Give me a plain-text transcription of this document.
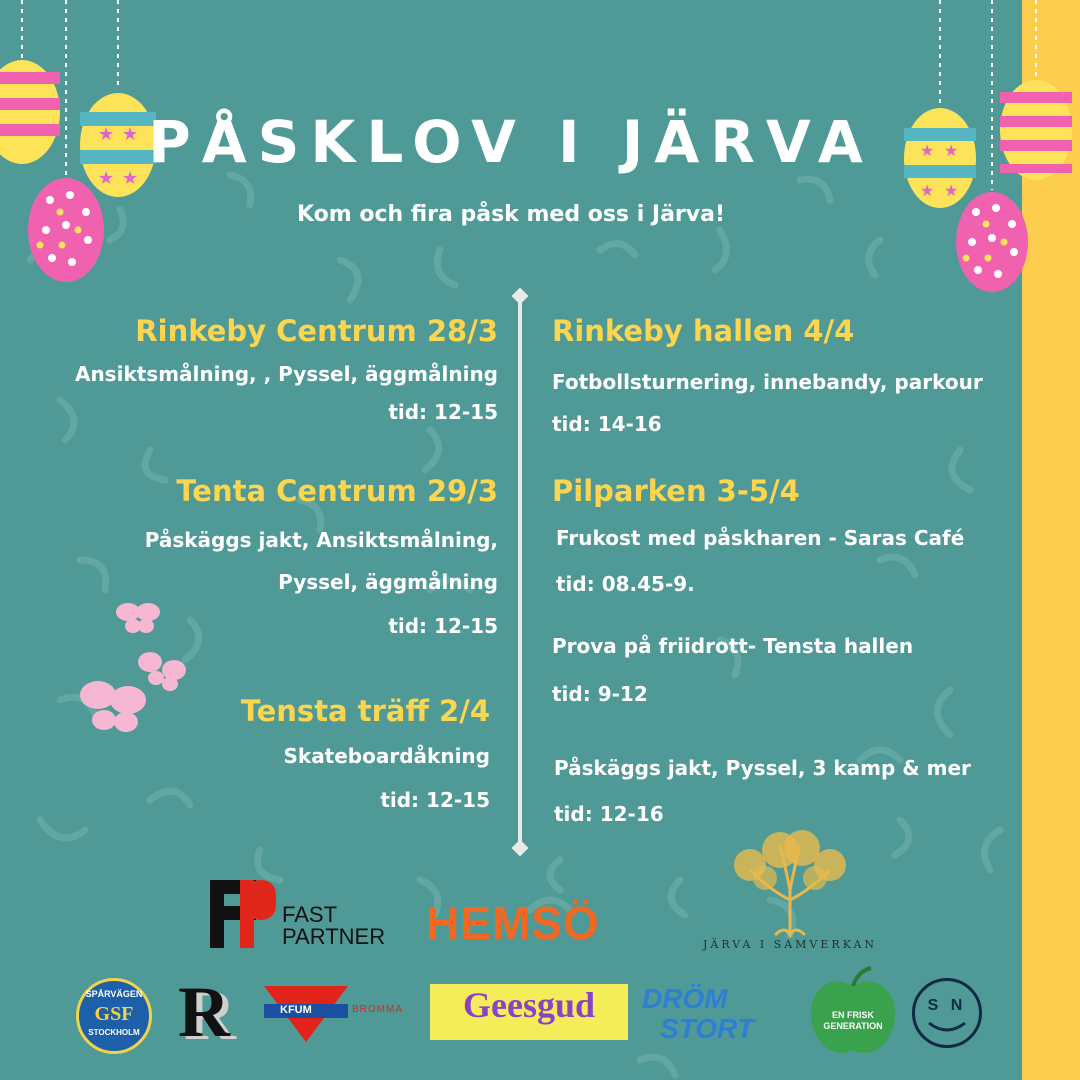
★ ★
★ ★
★ ★
★ ★
PÅSKLOV I JÄRVA
Kom och fira påsk med oss i Järva!
Rinkeby Centrum 28/3
Ansiktsmålning, , Pyssel, äggmålning
tid: 12-15
Tenta Centrum 29/3
Påskäggs jakt, Ansiktsmålning,
Pyssel, äggmålning
tid: 12-15
Tensta träff 2/4
Skateboardåkning
tid: 12-15
Rinkeby hallen 4/4
Fotbollsturnering, innebandy, parkour
tid: 14-16
Pilparken 3-5/4
Frukost med påskharen - Saras Café
tid: 08.45-9.
Prova på friidrott- Tensta hallen
tid: 9-12
Påskäggs jakt, Pyssel, 3 kamp & mer
tid: 12-16
FAST
PARTNER HEMSÖ	JÄRVA I SAMVERKAN
SPÅRVÄGEN
GSF
STOCKHOLM R	KFUM	BROMMA	Geesgud	DRÖM
STORT	EN FRISK
GENERATION
S N
